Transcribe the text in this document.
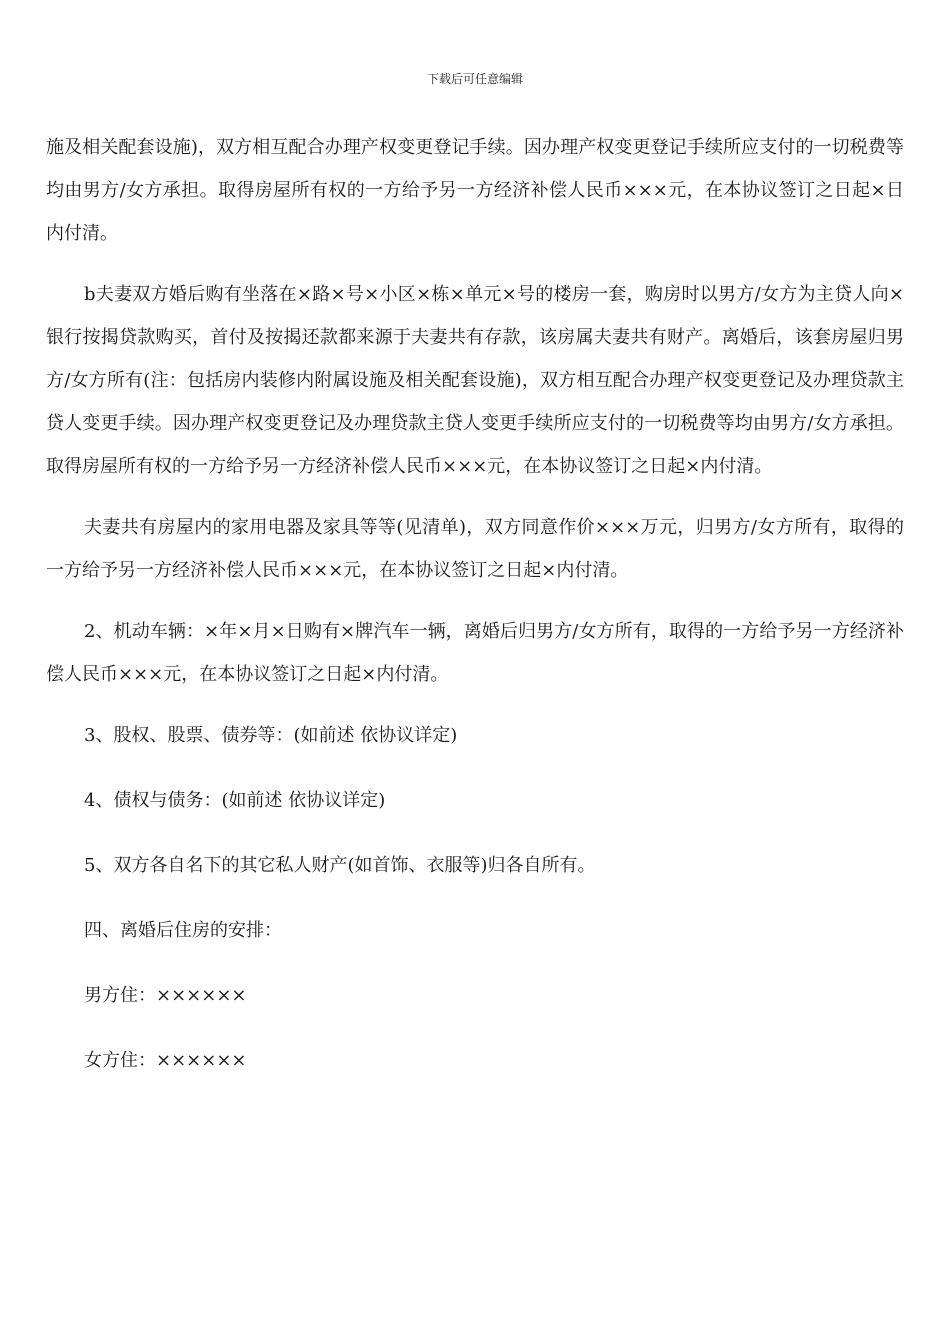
下载后可任意编辑

施及相关配套设施)，双方相互配合办理产权变更登记手续。因办理产权变更登记手续所应支付的一切税费等均由男方/女方承担。取得房屋所有权的一方给予另一方经济补偿人民币×××元，在本协议签订之日起×日内付清。

b夫妻双方婚后购有坐落在×路×号×小区×栋×单元×号的楼房一套，购房时以男方/女方为主贷人向×银行按揭贷款购买，首付及按揭还款都来源于夫妻共有存款，该房属夫妻共有财产。离婚后，该套房屋归男方/女方所有(注：包括房内装修内附属设施及相关配套设施)，双方相互配合办理产权变更登记及办理贷款主贷人变更手续。因办理产权变更登记及办理贷款主贷人变更手续所应支付的一切税费等均由男方/女方承担。取得房屋所有权的一方给予另一方经济补偿人民币×××元，在本协议签订之日起×内付清。

夫妻共有房屋内的家用电器及家具等等(见清单)，双方同意作价×××万元，归男方/女方所有，取得的一方给予另一方经济补偿人民币×××元，在本协议签订之日起×内付清。

2、机动车辆：×年×月×日购有×牌汽车一辆，离婚后归男方/女方所有，取得的一方给予另一方经济补偿人民币×××元，在本协议签订之日起×内付清。

3、股权、股票、债券等：(如前述 依协议详定)

4、债权与债务：(如前述 依协议详定)

5、双方各自名下的其它私人财产(如首饰、衣服等)归各自所有。

四、离婚后住房的安排：

男方住：××××××

女方住：××××××
